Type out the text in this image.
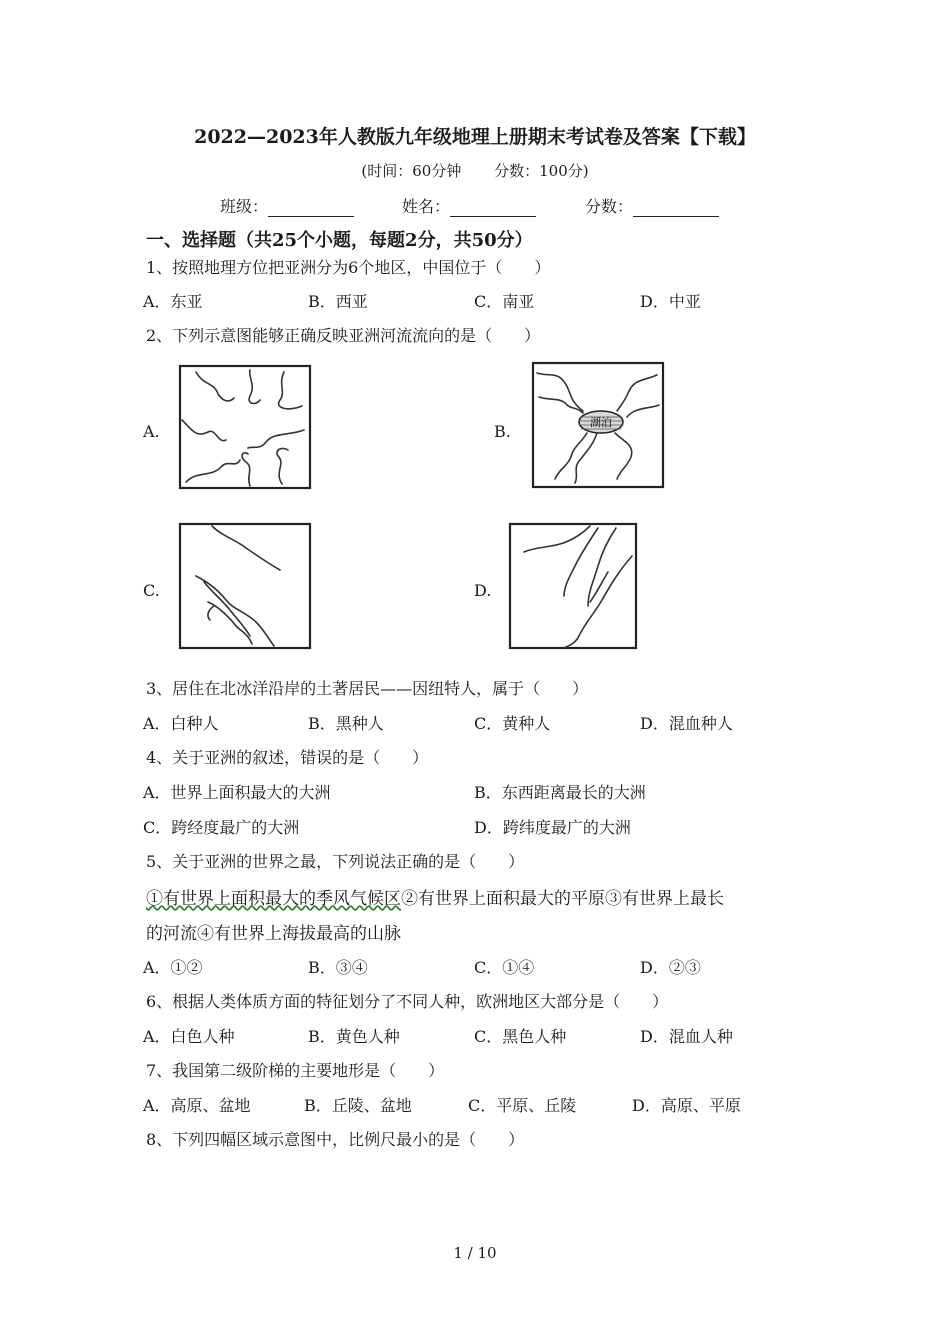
2022—2023年人教版九年级地理上册期末考试卷及答案【下载】
(时间：60分钟 分数：100分)
班级：	姓名：	分数：
一、选择题（共25个小题，每题2分，共50分）
1、按照地理方位把亚洲分为6个地区，中国位于（　　）
A．东亚	B．西亚	C．南亚	D．中亚
2、下列示意图能够正确反映亚洲河流流向的是（　　）
A.	B.	湖泊
C.	D.
3、居住在北冰洋沿岸的土著居民——因纽特人，属于（　　）
A．白种人	B．黑种人	C．黄种人	D．混血种人
4、关于亚洲的叙述，错误的是（　　）
A．世界上面积最大的大洲	B．东西距离最长的大洲
C．跨经度最广的大洲	D．跨纬度最广的大洲
5、关于亚洲的世界之最，下列说法正确的是（　　）
①有世界上面积最大的季风气候区②有世界上面积最大的平原③有世界上最长
的河流④有世界上海拔最高的山脉
A．①②	B．③④	C．①④	D．②③
6、根据人类体质方面的特征划分了不同人种，欧洲地区大部分是（　　）
A．白色人种	B．黄色人种	C．黑色人种	D．混血人种
7、我国第二级阶梯的主要地形是（　　）
A．高原、盆地	B．丘陵、盆地	C．平原、丘陵	D．高原、平原
8、下列四幅区域示意图中，比例尺最小的是（　　）
1 / 10
